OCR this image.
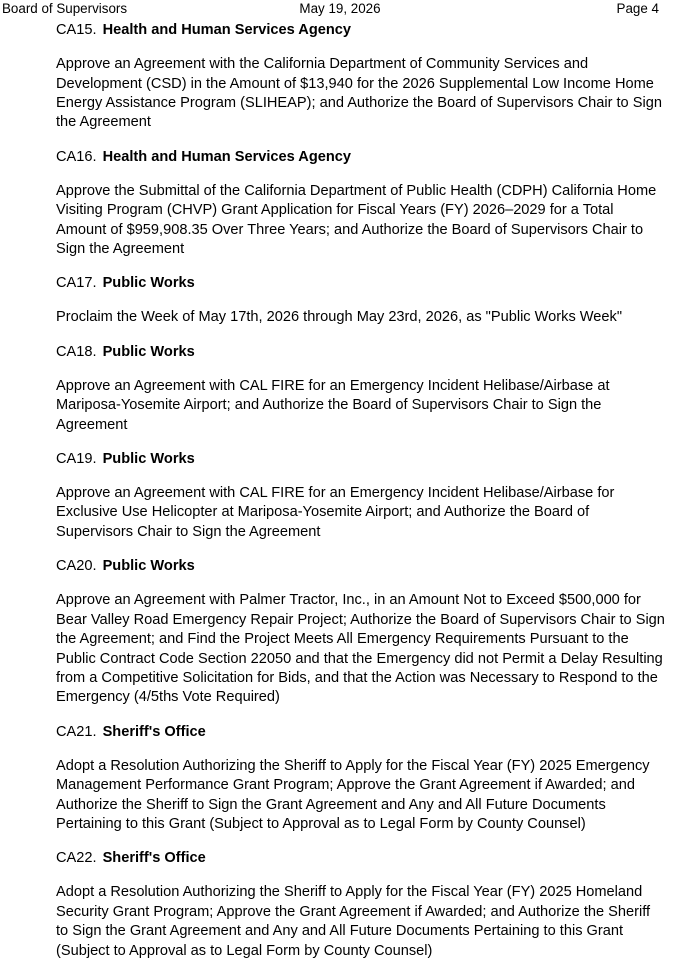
Board of Supervisors	May 19, 2026	Page 4
CA15. Health and Human Services Agency
Approve an Agreement with the California Department of Community Services and Development (CSD) in the Amount of $13,940 for the 2026 Supplemental Low Income Home Energy Assistance Program (SLIHEAP); and Authorize the Board of Supervisors Chair to Sign the Agreement
CA16. Health and Human Services Agency
Approve the Submittal of the California Department of Public Health (CDPH) California Home Visiting Program (CHVP) Grant Application for Fiscal Years (FY) 2026–2029 for a Total Amount of $959,908.35 Over Three Years; and Authorize the Board of Supervisors Chair to Sign the Agreement
CA17. Public Works
Proclaim the Week of May 17th, 2026 through May 23rd, 2026, as "Public Works Week"
CA18. Public Works
Approve an Agreement with CAL FIRE for an Emergency Incident Helibase/Airbase at Mariposa-Yosemite Airport; and Authorize the Board of Supervisors Chair to Sign the Agreement
CA19. Public Works
Approve an Agreement with CAL FIRE for an Emergency Incident Helibase/Airbase for Exclusive Use Helicopter at Mariposa-Yosemite Airport; and Authorize the Board of Supervisors Chair to Sign the Agreement
CA20. Public Works
Approve an Agreement with Palmer Tractor, Inc., in an Amount Not to Exceed $500,000 for Bear Valley Road Emergency Repair Project; Authorize the Board of Supervisors Chair to Sign the Agreement; and Find the Project Meets All Emergency Requirements Pursuant to the Public Contract Code Section 22050 and that the Emergency did not Permit a Delay Resulting from a Competitive Solicitation for Bids, and that the Action was Necessary to Respond to the Emergency (4/5ths Vote Required)
CA21. Sheriff's Office
Adopt a Resolution Authorizing the Sheriff to Apply for the Fiscal Year (FY) 2025 Emergency Management Performance Grant Program; Approve the Grant Agreement if Awarded; and Authorize the Sheriff to Sign the Grant Agreement and Any and All Future Documents Pertaining to this Grant (Subject to Approval as to Legal Form by County Counsel)
CA22. Sheriff's Office
Adopt a Resolution Authorizing the Sheriff to Apply for the Fiscal Year (FY) 2025 Homeland Security Grant Program; Approve the Grant Agreement if Awarded; and Authorize the Sheriff to Sign the Grant Agreement and Any and All Future Documents Pertaining to this Grant (Subject to Approval as to Legal Form by County Counsel)
